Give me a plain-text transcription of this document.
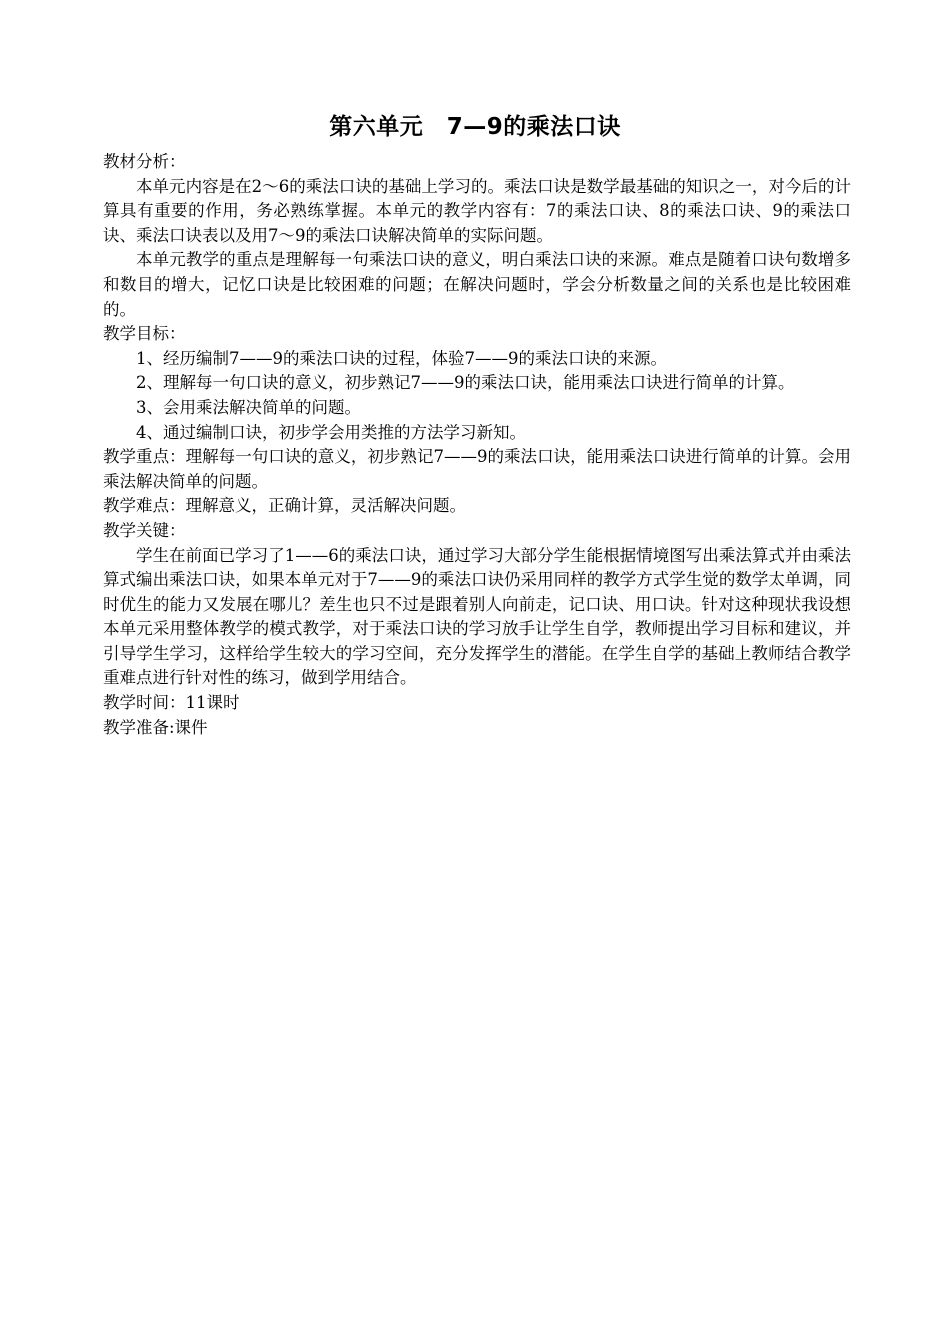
第六单元　7—9的乘法口诀

教材分析：

本单元内容是在2～6的乘法口诀的基础上学习的。乘法口诀是数学最基础的知识之一，对今后的计算具有重要的作用，务必熟练掌握。本单元的教学内容有：7的乘法口诀、8的乘法口诀、9的乘法口诀、乘法口诀表以及用7～9的乘法口诀解决简单的实际问题。

本单元教学的重点是理解每一句乘法口诀的意义，明白乘法口诀的来源。难点是随着口诀句数增多和数目的增大，记忆口诀是比较困难的问题；在解决问题时，学会分析数量之间的关系也是比较困难的。

教学目标：

1、经历编制7——9的乘法口诀的过程，体验7——9的乘法口诀的来源。

2、理解每一句口诀的意义，初步熟记7——9的乘法口诀，能用乘法口诀进行简单的计算。

3、会用乘法解决简单的问题。

4、通过编制口诀，初步学会用类推的方法学习新知。

教学重点：理解每一句口诀的意义，初步熟记7——9的乘法口诀，能用乘法口诀进行简单的计算。会用乘法解决简单的问题。

教学难点：理解意义，正确计算，灵活解决问题。

教学关键：

学生在前面已学习了1——6的乘法口诀，通过学习大部分学生能根据情境图写出乘法算式并由乘法算式编出乘法口诀，如果本单元对于7——9的乘法口诀仍采用同样的教学方式学生觉的数学太单调，同时优生的能力又发展在哪儿？差生也只不过是跟着别人向前走，记口诀、用口诀。针对这种现状我设想本单元采用整体教学的模式教学，对于乘法口诀的学习放手让学生自学，教师提出学习目标和建议，并引导学生学习，这样给学生较大的学习空间，充分发挥学生的潜能。在学生自学的基础上教师结合教学重难点进行针对性的练习，做到学用结合。

教学时间：11课时

教学准备:课件
